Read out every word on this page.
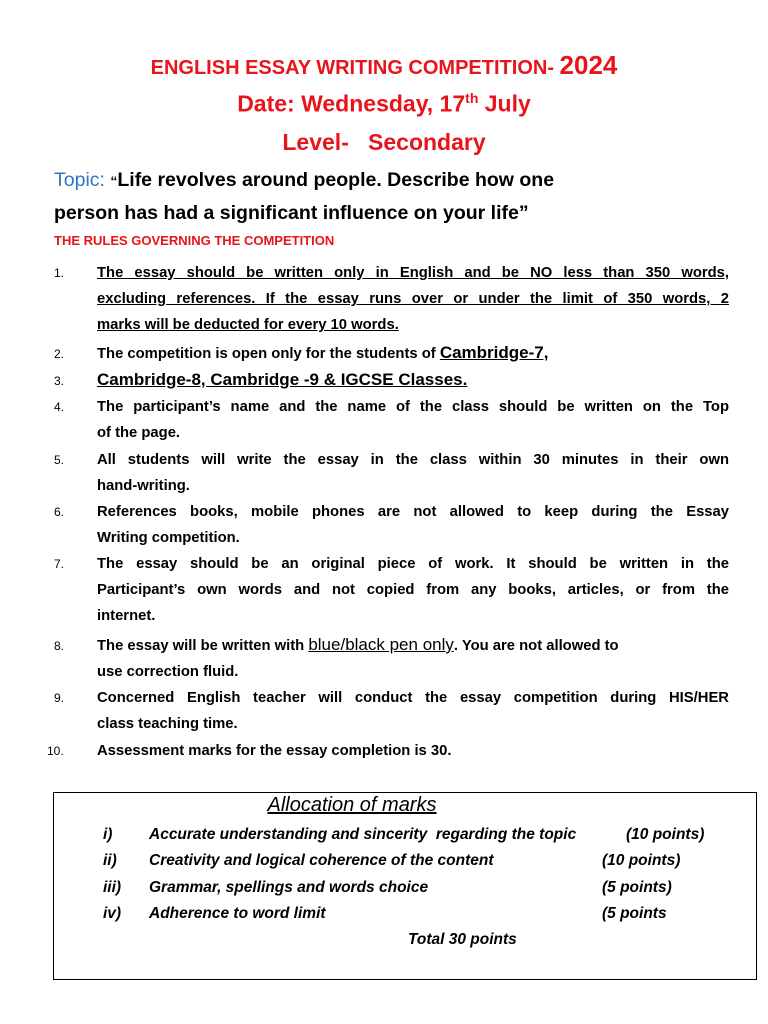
ENGLISH ESSAY WRITING COMPETITION- 2024
Date: Wednesday, 17th July
Level-   Secondary
Topic: “Life revolves around people. Describe how one
person has had a significant influence on your life”
THE RULES GOVERNING THE COMPETITION
1.
2.
3.
4.
5.
6.
7.
8.
9.
10.
The essay should be written only in English and be NO less than 350 words,
excluding references. If the essay runs over or under the limit of 350 words, 2
marks will be deducted for every 10 words.
The competition is open only for the students of Cambridge-7,
Cambridge-8, Cambridge -9 & IGCSE Classes.
The participant’s name and the name of the class should be written on the Top
of the page.
All students will write the essay in the class within 30 minutes in their own
hand-writing.
References books, mobile phones are not allowed to keep during the Essay
Writing competition.
The essay should be an original piece of work. It should be written in the
Participant’s own words and not copied from any books, articles, or from the
internet.
The essay will be written with blue/black pen only. You are not allowed to
use correction fluid.
Concerned English teacher will conduct the essay competition during HIS/HER
class teaching time.
Assessment marks for the essay completion is 30.
Allocation of marks
i) Accurate understanding and sincerity  regarding the topic	(10 points)
ii) Creativity and logical coherence of the content	(10 points)
iii) Grammar, spellings and words choice	(5 points)
iv) Adherence to word limit	(5 points
Total 30 points
